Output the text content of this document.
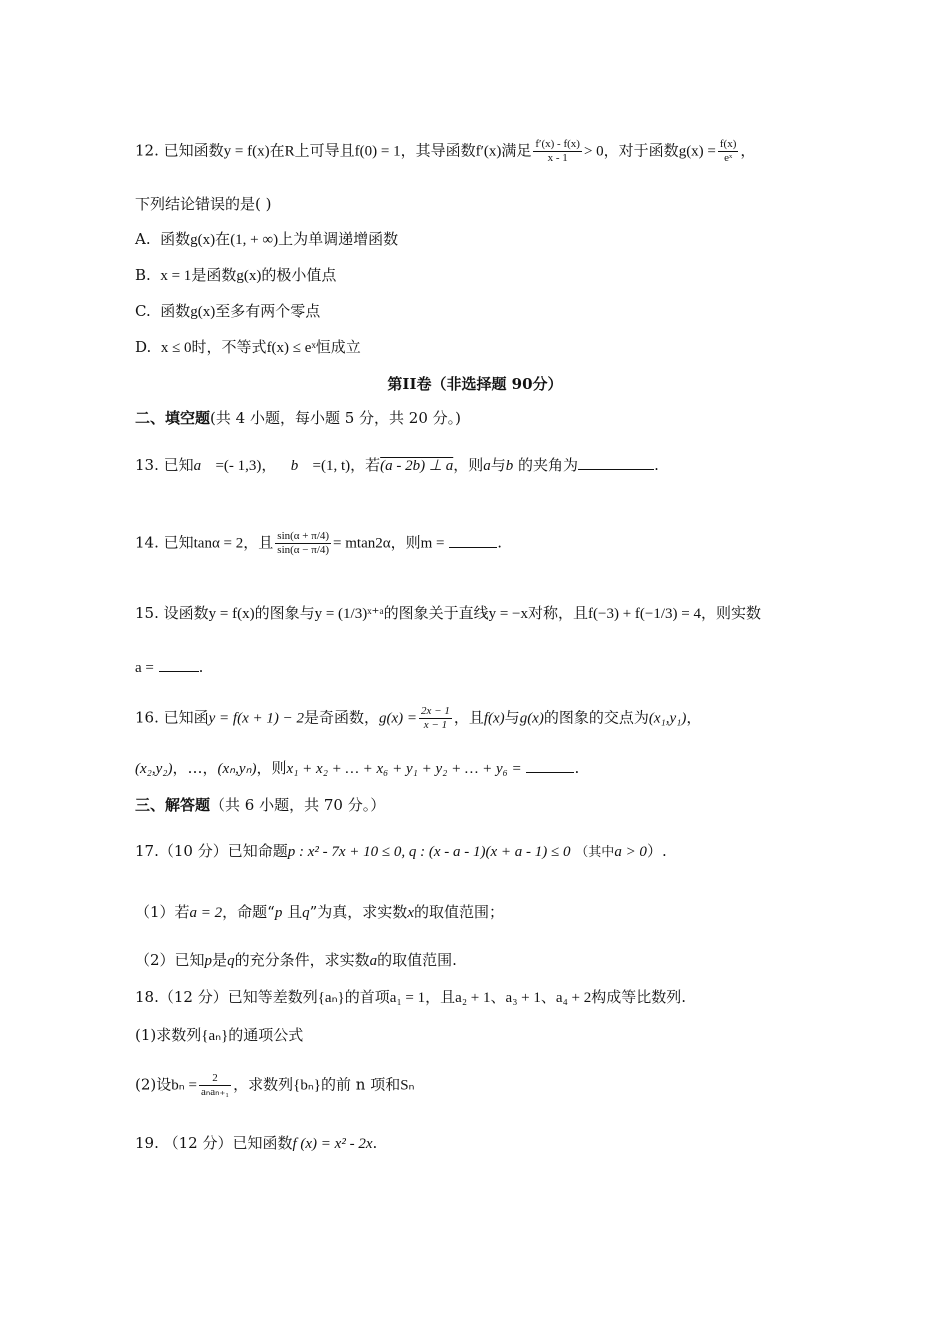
12. 已知函数y = f(x)在R上可导且f(0) = 1，其导函数f′(x)满足 $\frac{f'(x) - f(x)}{x - 1} > 0$，对于函数$g(x) = \frac{f(x)}{\text{eˣ}}$ ，
下列结论错误的是( )
A. 函数g(x)在(1, + ∞)上为单调递增函数
B. x = 1是函数g(x)的极小值点
C. 函数g(x)至多有两个零点
D. x ≤ 0时，不等式f(x) ≤ eˣ恒成立
第II卷（非选择题 90分）
二、填空题(共 4 小题，每小题 5 分，共 20 分。)
13. 已知a =(- 1,3)， b =(1, t)，若(a - 2b) ⊥ a，则a与b 的夹角为	.
14. 已知tanα = 2，且 $\frac{\sin(\alpha + \pi/4)}{\sin(\alpha - \pi/4)} = mtan2\alpha$，则m =	.
15. 设函数y = f(x)的图象与y = (1/3)ˣ⁺ᵃ的图象关于直线y = −x对称，且f(−3) + f(−1/3) = 4，则实数
a =	.
16. 已知函y = f(x + 1) − 2是奇函数，$g(x) = \frac{2x - 1}{x - 1}$ ，且f(x)与g(x)的图象的交点为(x₁,y₁)，
(x₂,y₂)，…，(xₙ,yₙ)，则x₁ + x₂ + … + x₆ + y₁ + y₂ + … + y₆ =	.
三、解答题（共 6 小题，共 70 分。）
17.（10 分）已知命题p : x² - 7x + 10 ≤ 0, q : (x - a - 1)(x + a - 1) ≤ 0 （其中a > 0）.
（1）若a = 2，命题“p 且q”为真，求实数x的取值范围；
（2）已知p是q的充分条件，求实数a的取值范围.
18.（12 分）已知等差数列{aₙ}的首项a₁ = 1，且a₂ + 1、a₃ + 1、a₄ + 2构成等比数列.
(1)求数列{aₙ}的通项公式
(2)设$b_n = \frac{2}{\text{aₙaₙ₊₁}}$ ，求数列{bₙ}的前 n 项和Sₙ
19. （12 分）已知函数f (x) = x² - 2x.
